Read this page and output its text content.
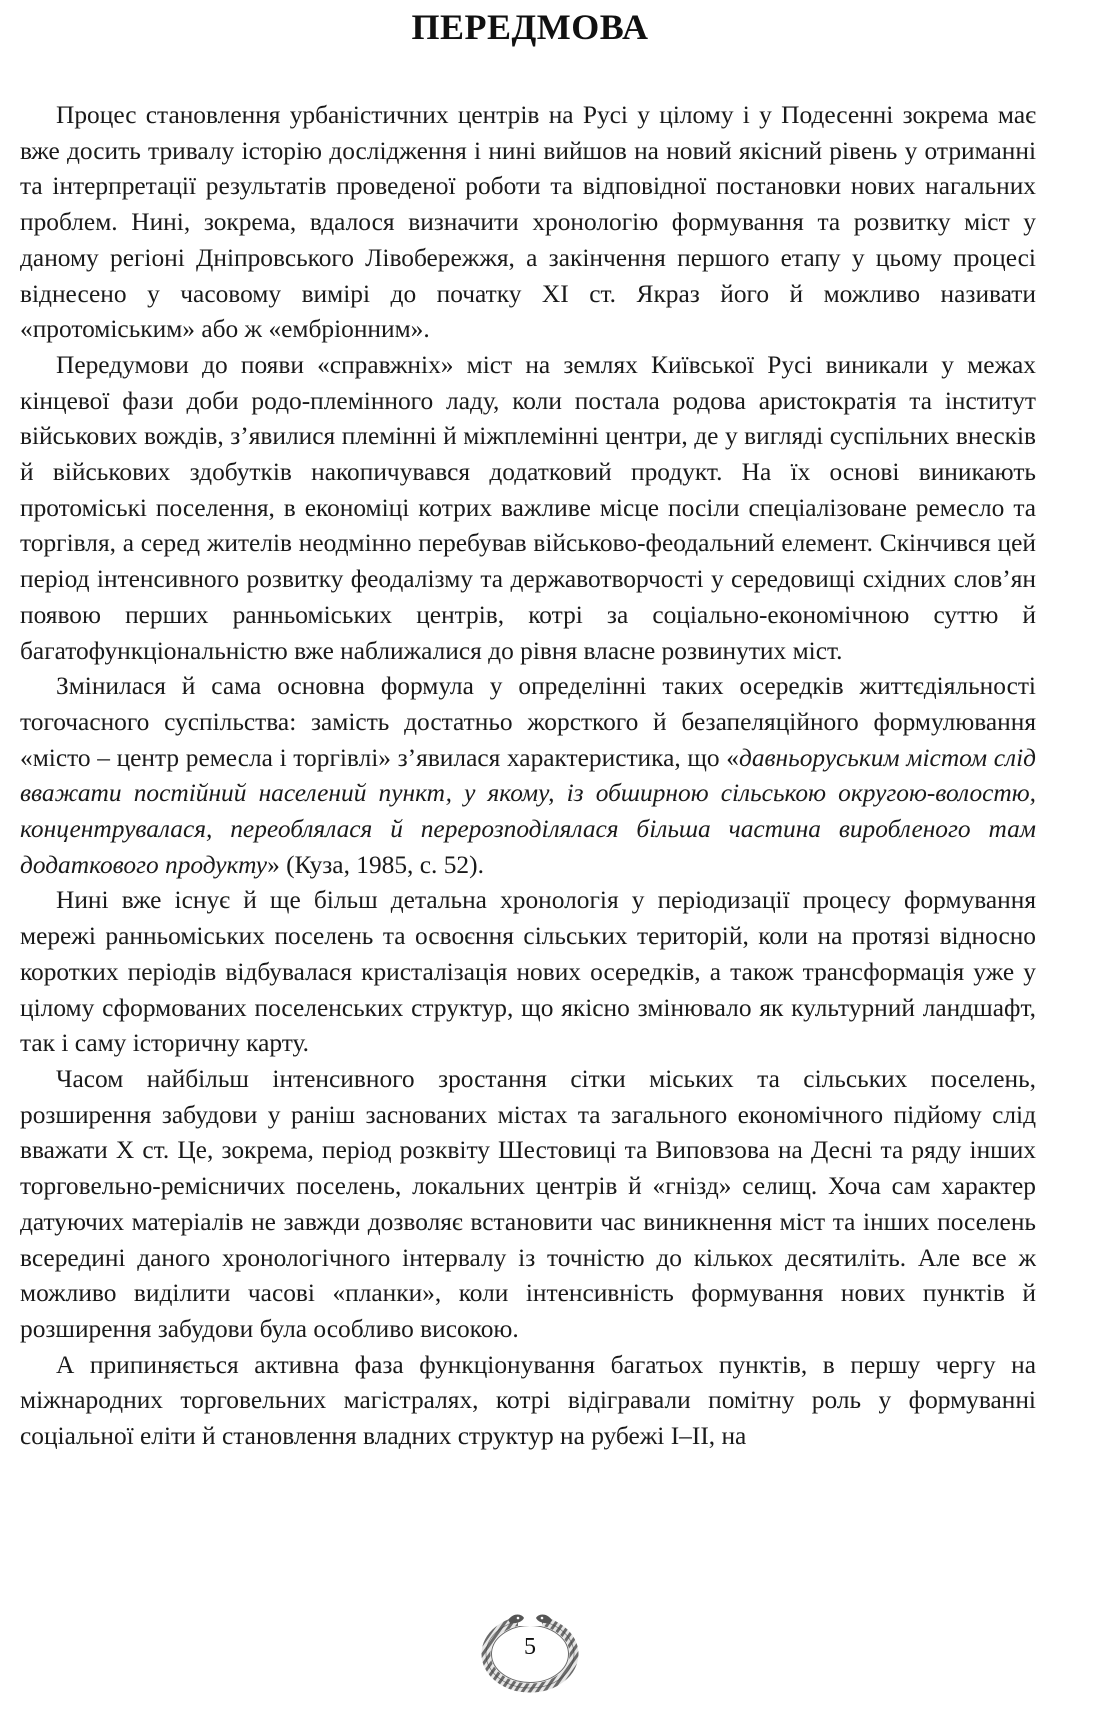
ПЕРЕДМОВА

Процес становлення урбаністичних центрів на Русі у цілому і у Подесенні зокрема має вже досить тривалу історію дослідження і нині вийшов на новий якісний рівень у отриманні та інтерпретації результатів проведеної роботи та відповідної постановки нових нагальних проблем. Нині, зокрема, вдалося визначити хронологію формування та розвитку міст у даному регіоні Дніпровського Лівобережжя, а закінчення першого етапу у цьому процесі віднесено у часовому вимірі до початку XI ст. Якраз його й можливо називати «протоміським» або ж «ембріонним».

Передумови до появи «справжніх» міст на землях Київської Русі виникали у межах кінцевої фази доби родо-племінного ладу, коли постала родова аристократія та інститут військових вождів, з’явилися племінні й міжплемінні центри, де у вигляді суспільних внесків й військових здобутків накопичувався додатковий продукт. На їх основі виникають протоміські поселення, в економіці котрих важливе місце посіли спеціалізоване ремесло та торгівля, а серед жителів неодмінно перебував військово-феодальний елемент. Скінчився цей період інтенсивного розвитку феодалізму та державотворчості у середовищі східних слов’ян появою перших ранньоміських центрів, котрі за соціально-економічною суттю й багатофункціональністю вже наближалися до рівня власне розвинутих міст.

Змінилася й сама основна формула у определінні таких осередків життєдіяльності тогочасного суспільства: замість достатньо жорсткого й безапеляційного формулювання «місто – центр ремесла і торгівлі» з’явилася характеристика, що «давньоруським містом слід вважати постійний населений пункт, у якому, із обширною сільською округою-волостю, концентрувалася, переоблялася й перерозподілялася більша частина виробленого там додаткового продукту» (Куза, 1985, с. 52).

Нині вже існує й ще більш детальна хронологія у періодизації процесу формування мережі ранньоміських поселень та освоєння сільських територій, коли на протязі відносно коротких періодів відбувалася кристалізація нових осередків, а також трансформація уже у цілому сформованих поселенських структур, що якісно змінювало як культурний ландшафт, так і саму історичну карту.

Часом найбільш інтенсивного зростання сітки міських та сільських поселень, розширення забудови у раніш заснованих містах та загального економічного підйому слід вважати X ст. Це, зокрема, період розквіту Шестовиці та Виповзова на Десні та ряду інших торговельно-ремісничих поселень, локальних центрів й «гнізд» селищ. Хоча сам характер датуючих матеріалів не завжди дозволяє встановити час виникнення міст та інших поселень всередині даного хронологічного інтервалу із точністю до кількох десятиліть. Але все ж можливо виділити часові «планки», коли інтенсивність формування нових пунктів й розширення забудови була особливо високою.

А припиняється активна фаза функціонування багатьох пунктів, в першу чергу на міжнародних торговельних магістралях, котрі відігравали помітну роль у формуванні соціальної еліти й становлення владних структур на рубежі I–II, на

5
